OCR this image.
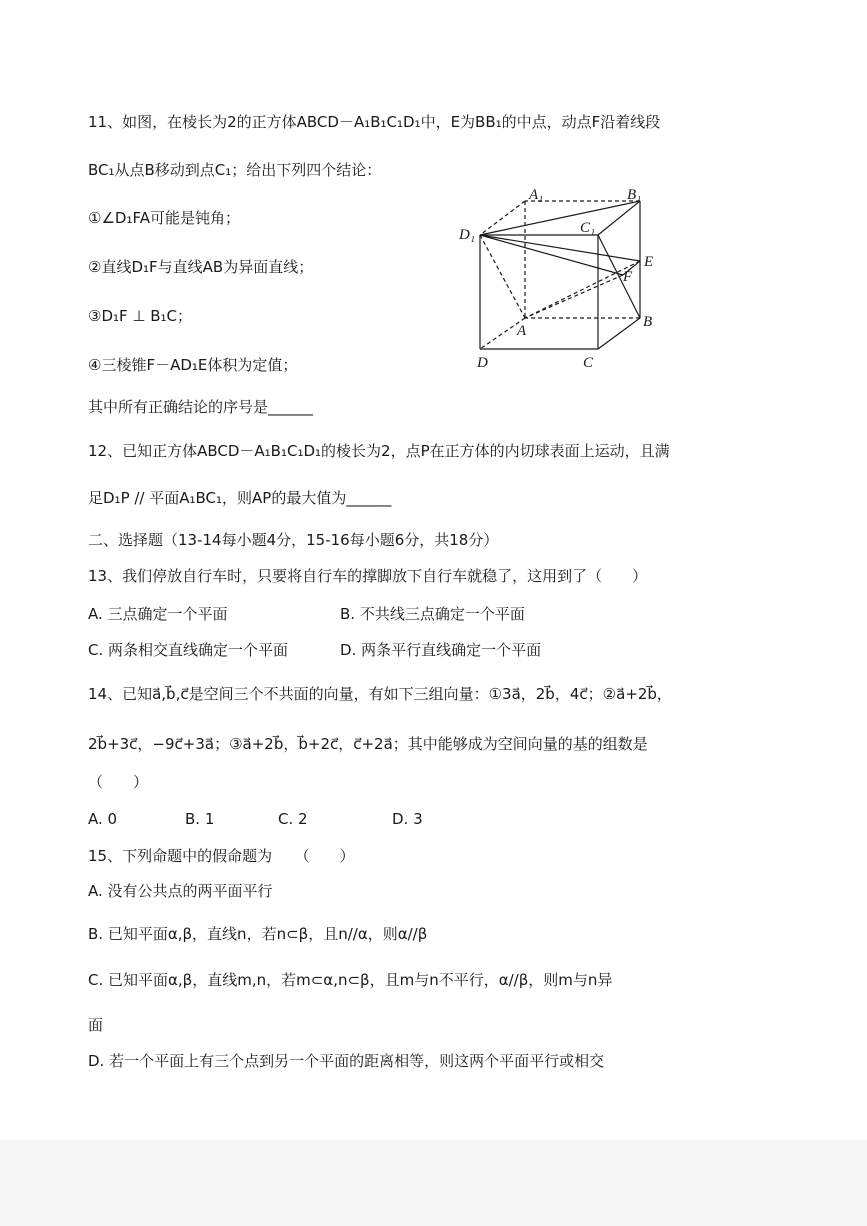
11、如图，在棱长为2的正方体ABCD－A₁B₁C₁D₁中，E为BB₁的中点，动点F沿着线段
BC₁从点B移动到点C₁；给出下列四个结论：
①∠D₁FA可能是钝角；
②直线D₁F与直线AB为异面直线；
③D₁F ⊥ B₁C；
④三棱锥F－AD₁E体积为定值；
其中所有正确结论的序号是______
A₁	B₁
C₁
D₁
E
F
A
B
C
D
12、已知正方体ABCD－A₁B₁C₁D₁的棱长为2，点P在正方体的内切球表面上运动，且满
足D₁P // 平面A₁BC₁，则AP的最大值为______
二、选择题（13-14每小题4分，15-16每小题6分，共18分）
13、我们停放自行车时，只要将自行车的撑脚放下自行车就稳了，这用到了（　　）
A. 三点确定一个平面	B. 不共线三点确定一个平面
C. 两条相交直线确定一个平面	D. 两条平行直线确定一个平面
14、已知a⃗,b⃗,c⃗是空间三个不共面的向量，有如下三组向量：①3a⃗，2b⃗，4c⃗；②a⃗+2b⃗，
2b⃗+3c⃗，−9c⃗+3a⃗；③a⃗+2b⃗，b⃗+2c⃗，c⃗+2a⃗；其中能够成为空间向量的基的组数是
（　　）
A. 0	B. 1	C. 2	D. 3
15、下列命题中的假命题为　　（　　）
A. 没有公共点的两平面平行
B. 已知平面α,β，直线n，若n⊂β，且n//α，则α//β
C. 已知平面α,β，直线m,n，若m⊂α,n⊂β，且m与n不平行，α//β，则m与n异
面
D. 若一个平面上有三个点到另一个平面的距离相等，则这两个平面平行或相交
